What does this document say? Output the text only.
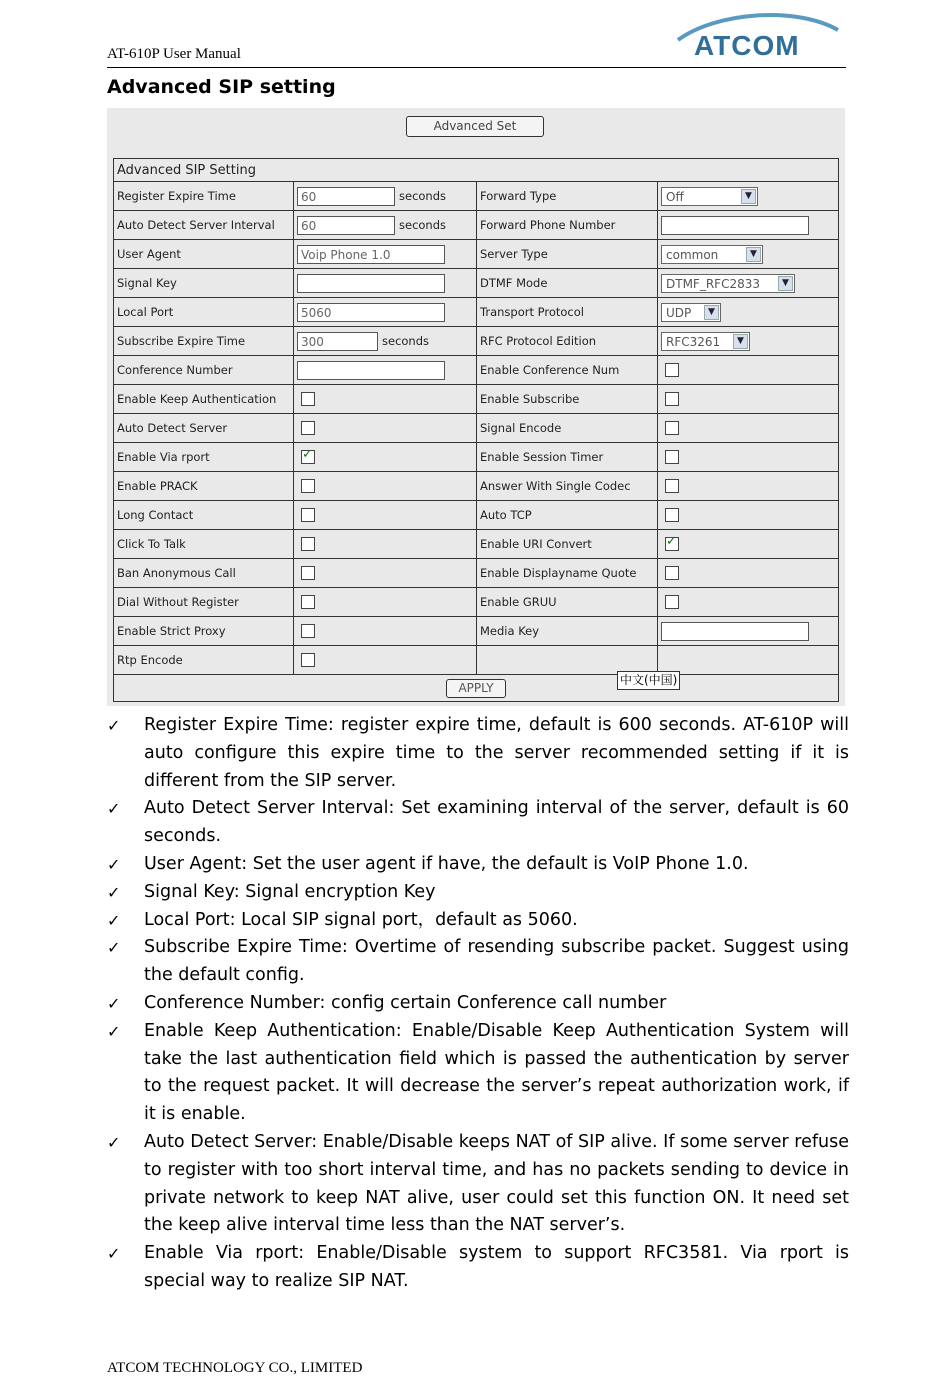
AT-610P User Manual	ATCOM
Advanced SIP setting
Advanced Set
Advanced SIP Setting			
Register Expire Time	60 seconds	Forward Type	Off ▼

Auto Detect Server Interval	60 seconds	Forward Phone Number	
User Agent	Voip Phone 1.0	Server Type	common ▼

Signal Key		DTMF Mode	DTMF_RFC2833 ▼

Local Port	5060	Transport Protocol	UDP ▼

Subscribe Expire Time	300 seconds	RFC Protocol Edition	RFC3261 ▼

Conference Number		Enable Conference Num	
Enable Keep Authentication		Enable Subscribe	
Auto Detect Server		Signal Encode	
Enable Via rport	✓	Enable Session Timer	
Enable PRACK		Answer With Single Codec	
Long Contact		Auto TCP	
Click To Talk		Enable URI Convert	✓
Ban Anonymous Call		Enable Displayname Quote	
Dial Without Register		Enable GRUU	
Enable Strict Proxy		Media Key	
Rtp Encode			
APPLY			
中文(中国)
✓ Register Expire Time: register expire time, default is 600 seconds. AT-610P will auto configure this expire time to the server recommended setting if it is different from the SIP server.
✓ Auto Detect Server Interval: Set examining interval of the server, default is 60 seconds.
✓ User Agent: Set the user agent if have, the default is VoIP Phone 1.0.
✓ Signal Key: Signal encryption Key
✓ Local Port: Local SIP signal port，default as 5060.
✓ Subscribe Expire Time: Overtime of resending subscribe packet. Suggest using the default config.
✓ Conference Number: config certain Conference call number
✓ Enable Keep Authentication: Enable/Disable Keep Authentication System will take the last authentication field which is passed the authentication by server to the request packet. It will decrease the server’s repeat authorization work, if it is enable.
✓ Auto Detect Server: Enable/Disable keeps NAT of SIP alive. If some server refuse to register with too short interval time, and has no packets sending to device in private network to keep NAT alive, user could set this function ON. It need set the keep alive interval time less than the NAT server’s.
✓ Enable Via rport: Enable/Disable system to support RFC3581. Via rport is special way to realize SIP NAT.
ATCOM TECHNOLOGY CO., LIMITED
